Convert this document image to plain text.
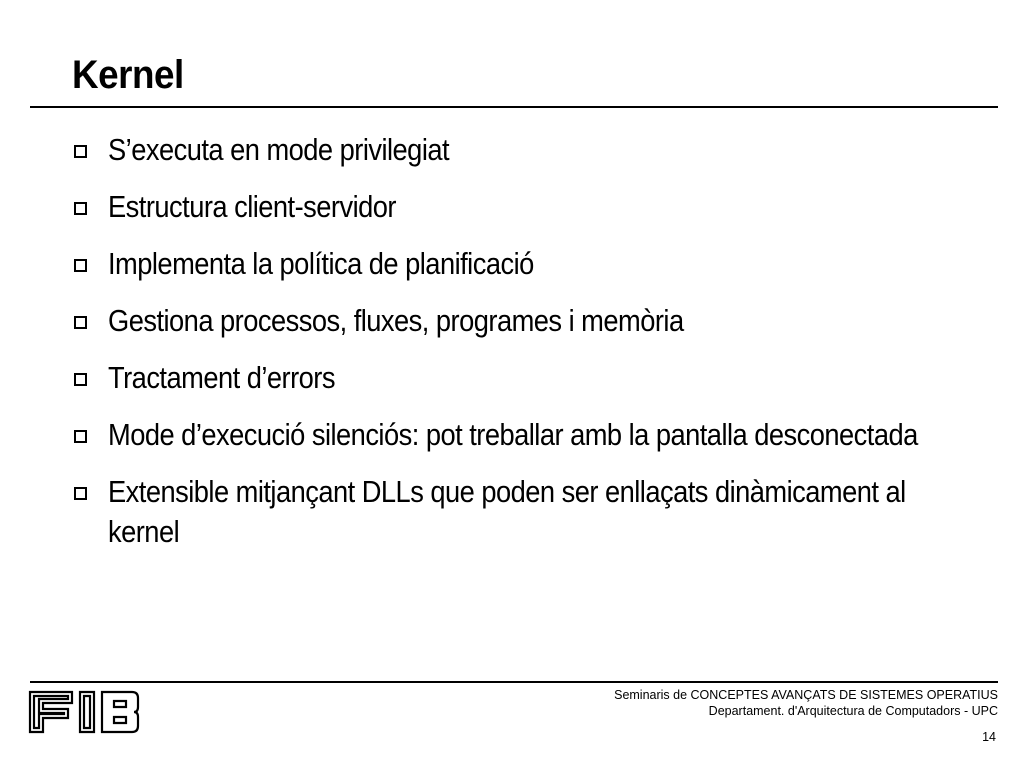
Kernel
S’executa en mode privilegiat
Estructura client-servidor
Implementa la política de planificació
Gestiona processos, fluxes, programes i memòria
Tractament d’errors
Mode d’execució silenciós: pot treballar amb la pantalla desconectada
Extensible mitjançant DLLs que poden ser enllaçats dinàmicament al kernel
Seminaris de CONCEPTES AVANÇATS DE SISTEMES OPERATIUS
Departament. d'Arquitectura de Computadors - UPC
14
